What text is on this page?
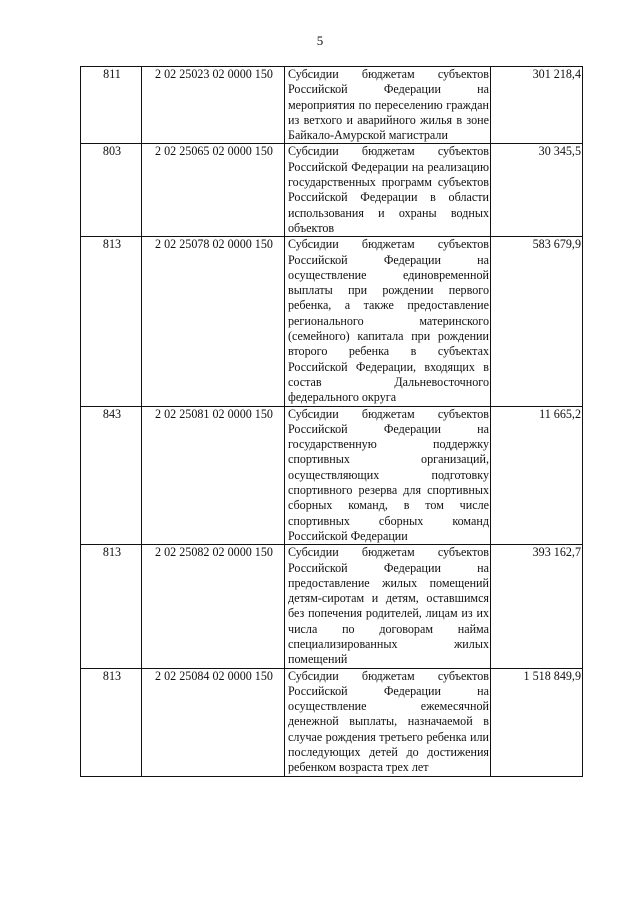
5
811	2 02 25023 02 0000 150	Субсидии бюджетам субъектов Российской Федерации на мероприятия по переселению граждан из ветхого и аварийного жилья в зоне Байкало-Амурской магистрали	301 218,4
803	2 02 25065 02 0000 150	Субсидии бюджетам субъектов Российской Федерации на реализацию государственных программ субъектов Российской Федерации в области использования и охраны водных объектов	30 345,5
813	2 02 25078 02 0000 150	Субсидии бюджетам субъектов Российской Федерации на осуществление единовременной выплаты при рождении первого ребенка, а также предоставление регионального материнского (семейного) капитала при рождении второго ребенка в субъектах Российской Федерации, входящих в состав Дальневосточного федерального округа	583 679,9
843	2 02 25081 02 0000 150	Субсидии бюджетам субъектов Российской Федерации на государственную поддержку спортивных организаций, осуществляющих подготовку спортивного резерва для спортивных сборных команд, в том числе спортивных сборных команд Российской Федерации	11 665,2
813	2 02 25082 02 0000 150	Субсидии бюджетам субъектов Российской Федерации на предоставление жилых помещений детям-сиротам и детям, оставшимся без попечения родителей, лицам из их числа по договорам найма специализированных жилых помещений	393 162,7
813	2 02 25084 02 0000 150	Субсидии бюджетам субъектов Российской Федерации на осуществление ежемесячной денежной выплаты, назначаемой в случае рождения третьего ребенка или последующих детей до достижения ребенком возраста трех лет	1 518 849,9
